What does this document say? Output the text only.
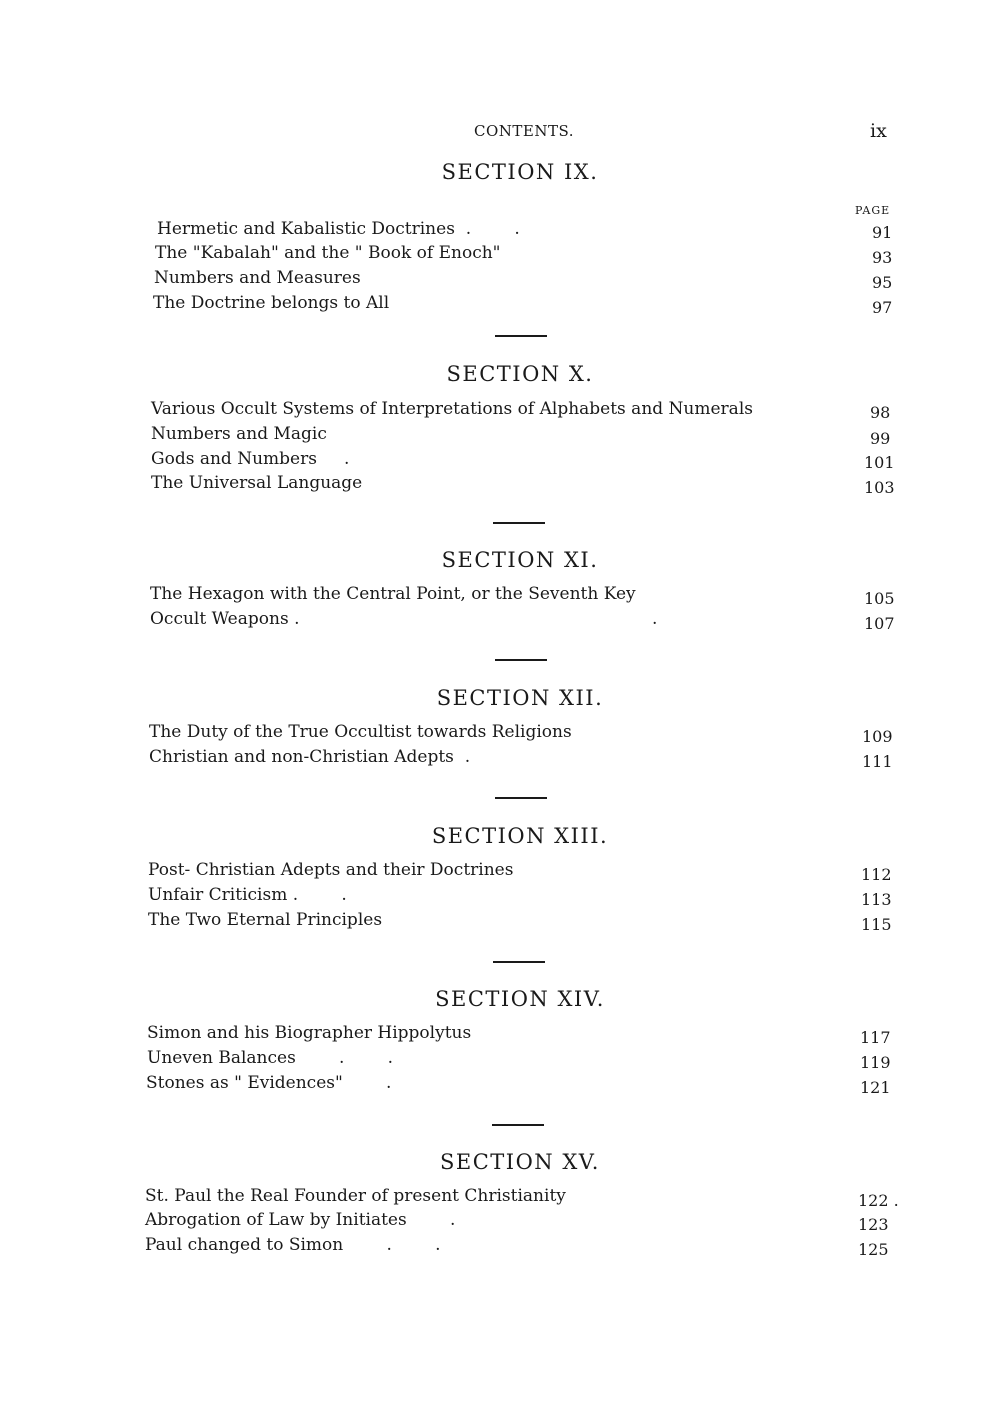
CONTENTS.	ix
SECTION IX.
PAGE
Hermetic and Kabalistic Doctrines  .        .	91
The "Kabalah" and the " Book of Enoch"	93
Numbers and Measures	95
The Doctrine belongs to All	97
SECTION X.
Various Occult Systems of Interpretations of Alphabets and Numerals	98
Numbers and Magic	99
Gods and Numbers     .	101
The Universal Language	103
SECTION XI.
The Hexagon with the Central Point, or the Seventh Key	105
Occult Weapons .	.	107
SECTION XII.
The Duty of the True Occultist towards Religions	109
Christian and non-Christian Adepts  .	111
SECTION XIII.
Post- Christian Adepts and their Doctrines	112
Unfair Criticism .        .	113
The Two Eternal Principles	115
SECTION XIV.
Simon and his Biographer Hippolytus	117
Uneven Balances        .        .	119
Stones as " Evidences"        .	121
SECTION XV.
St. Paul the Real Founder of present Christianity	122 .
Abrogation of Law by Initiates        .	123
Paul changed to Simon        .        .	125
